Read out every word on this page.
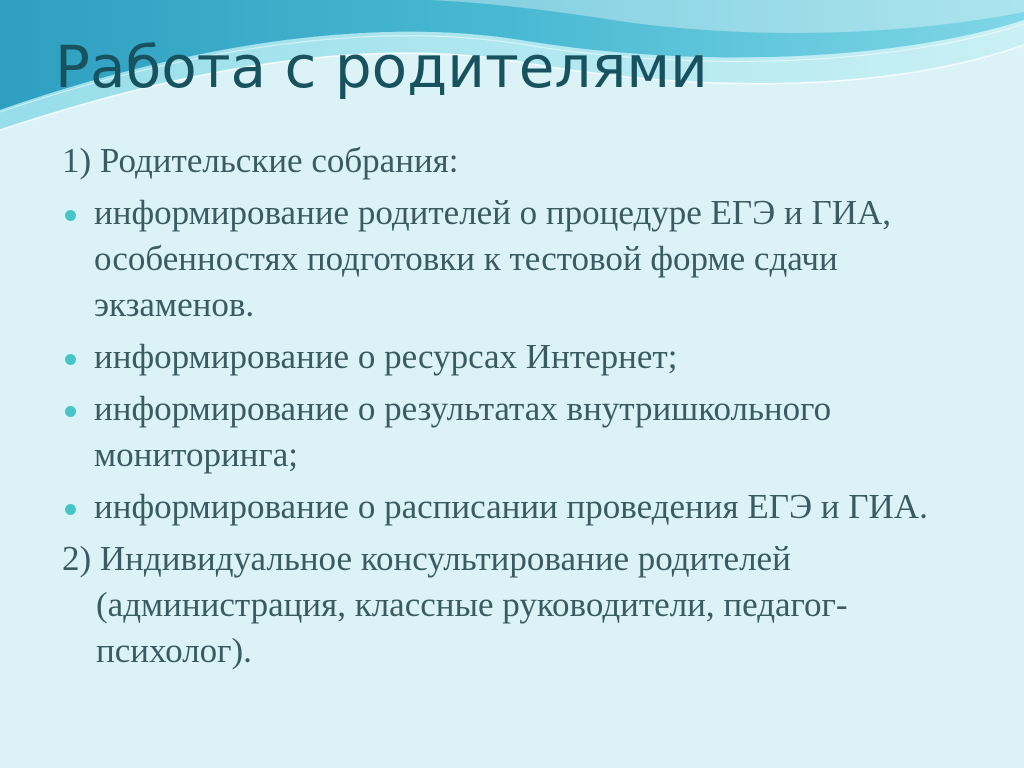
Работа с родителями

1) Родительские собрания:

информирование родителей о процедуре ЕГЭ и ГИА, особенностях подготовки к тестовой форме сдачи экзаменов.
информирование о ресурсах Интернет;
информирование о результатах внутришкольного мониторинга;
информирование о расписании проведения ЕГЭ и ГИА.

2) Индивидуальное консультирование родителей (администрация, классные руководители, педагог-психолог).
